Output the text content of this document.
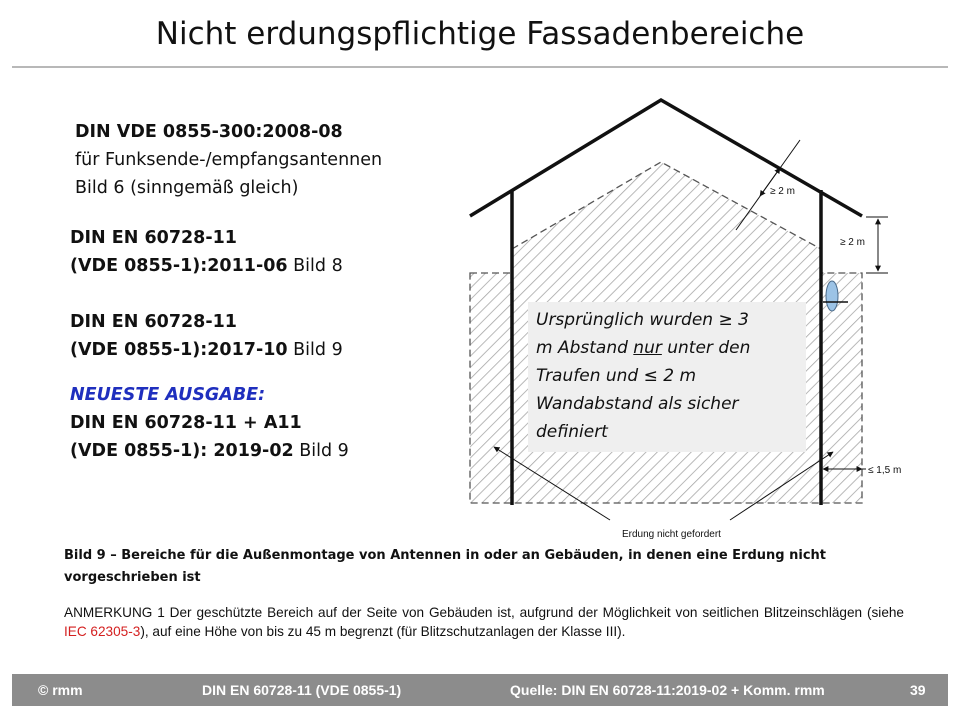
Nicht erdungspflichtige Fassadenbereiche
DIN VDE 0855-300:2008-08
für Funksende-/empfangsantennen
Bild 6 (sinngemäß gleich)
DIN EN 60728-11
(VDE 0855-1):2011-06 Bild 8
DIN EN 60728-11
(VDE 0855-1):2017-10 Bild 9
NEUESTE AUSGABE:
DIN EN 60728-11 + A11
(VDE 0855-1): 2019-02 Bild 9
≥ 2 m
≥ 2 m
≤ 1,5 m
Erdung nicht gefordert
Ursprünglich wurden ≥ 3
m Abstand nur unter den
Traufen und ≤ 2 m
Wandabstand als sicher
definiert
Bild 9 – Bereiche für die Außenmontage von Antennen in oder an Gebäuden, in denen eine Erdung nicht
vorgeschrieben ist
ANMERKUNG 1 Der geschützte Bereich auf der Seite von Gebäuden ist, aufgrund der Möglichkeit von seitlichen Blitzeinschlägen (siehe IEC 62305-3), auf eine Höhe von bis zu 45 m begrenzt (für Blitzschutzanlagen der Klasse III).
© rmm	DIN EN 60728-11 (VDE 0855-1)	Quelle: DIN EN 60728-11:2019-02 + Komm. rmm	39
